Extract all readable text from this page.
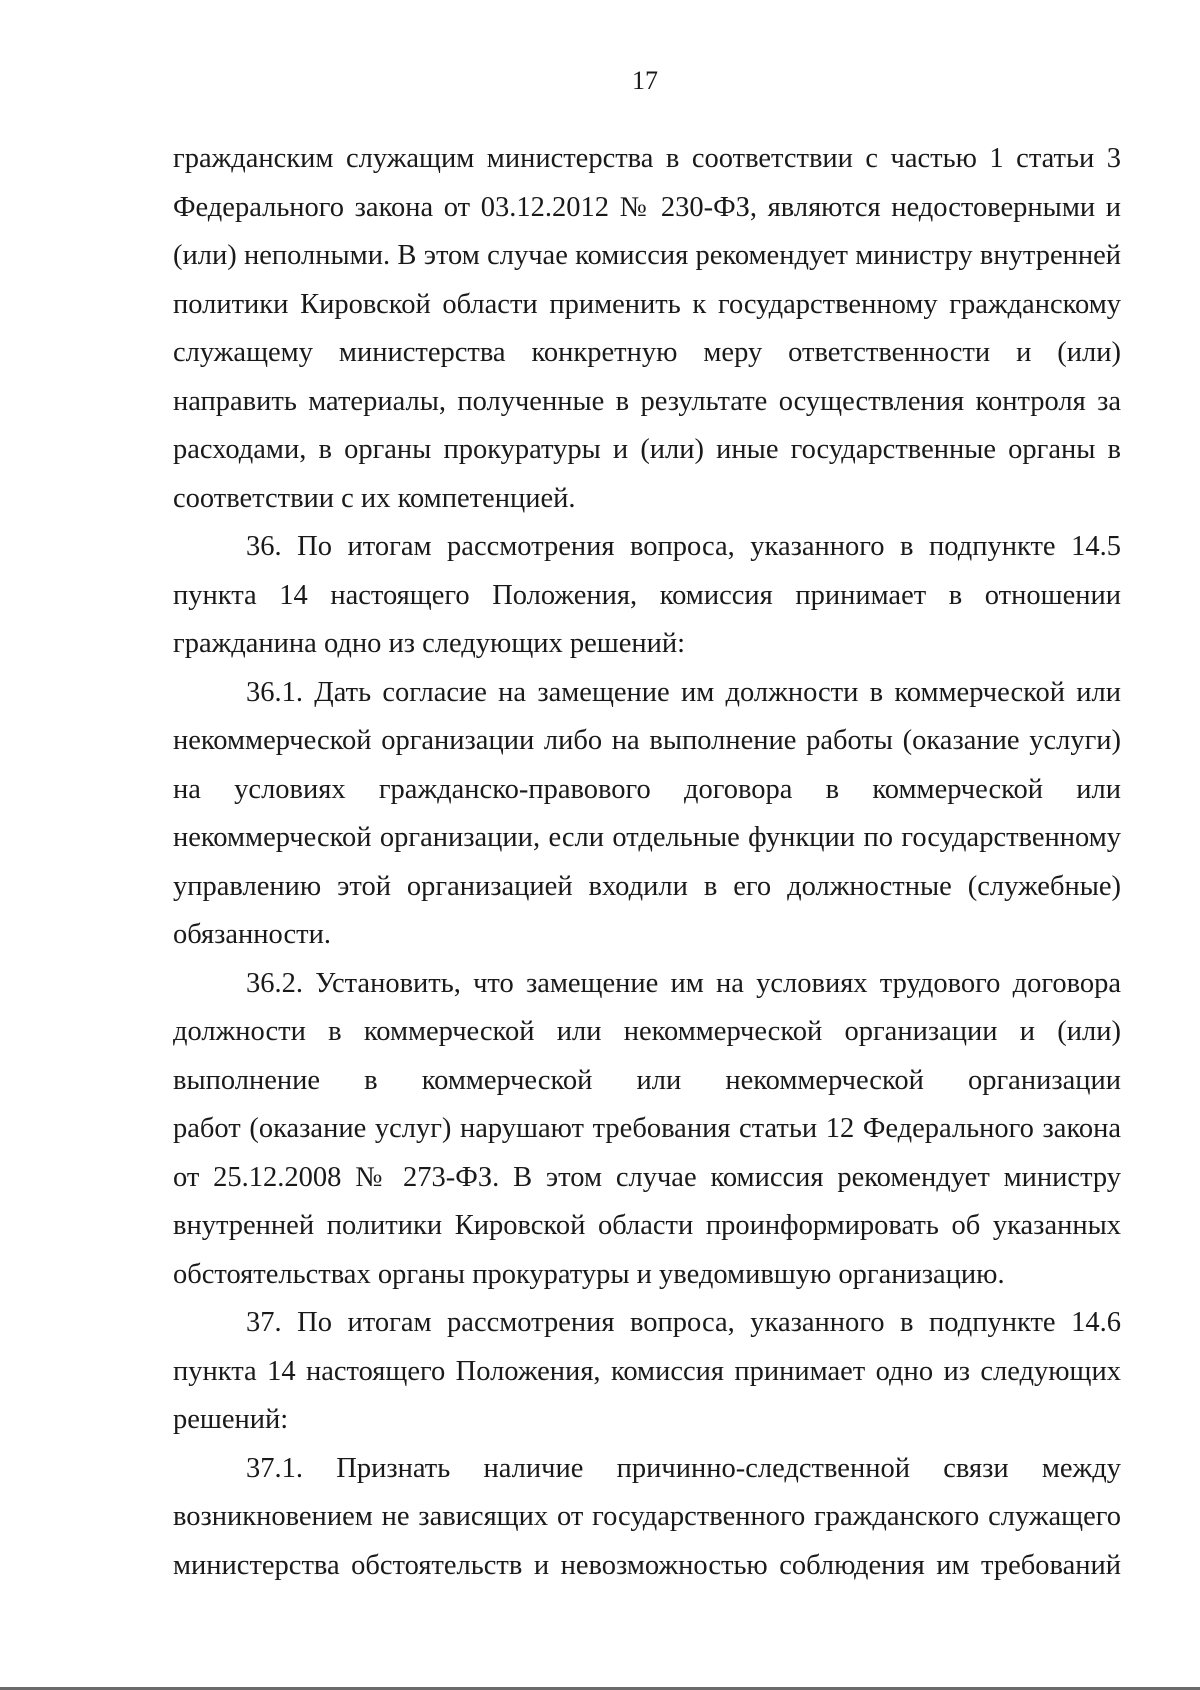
17
гражданским служащим министерства в соответствии с частью 1 статьи 3
Федерального закона от 03.12.2012 № 230-ФЗ, являются недостоверными и
(или) неполными. В этом случае комиссия рекомендует министру внутренней
политики Кировской области применить к государственному гражданскому
служащему министерства конкретную меру ответственности и (или)
направить материалы, полученные в результате осуществления контроля за
расходами, в органы прокуратуры и (или) иные государственные органы в
соответствии с их компетенцией.
36. По итогам рассмотрения вопроса, указанного в подпункте 14.5
пункта 14 настоящего Положения, комиссия принимает в отношении
гражданина одно из следующих решений:
36.1. Дать согласие на замещение им должности в коммерческой или
некоммерческой организации либо на выполнение работы (оказание услуги)
на условиях гражданско-правового договора в коммерческой или
некоммерческой организации, если отдельные функции по государственному
управлению этой организацией входили в его должностные (служебные)
обязанности.
36.2. Установить, что замещение им на условиях трудового договора
должности в коммерческой или некоммерческой организации и (или)
выполнение в коммерческой или некоммерческой организации
работ (оказание услуг) нарушают требования статьи 12 Федерального закона
от 25.12.2008 № 273-ФЗ. В этом случае комиссия рекомендует министру
внутренней политики Кировской области проинформировать об указанных
обстоятельствах органы прокуратуры и уведомившую организацию.
37. По итогам рассмотрения вопроса, указанного в подпункте 14.6
пункта 14 настоящего Положения, комиссия принимает одно из следующих
решений:
37.1. Признать наличие причинно-следственной связи между
возникновением не зависящих от государственного гражданского служащего
министерства обстоятельств и невозможностью соблюдения им требований
